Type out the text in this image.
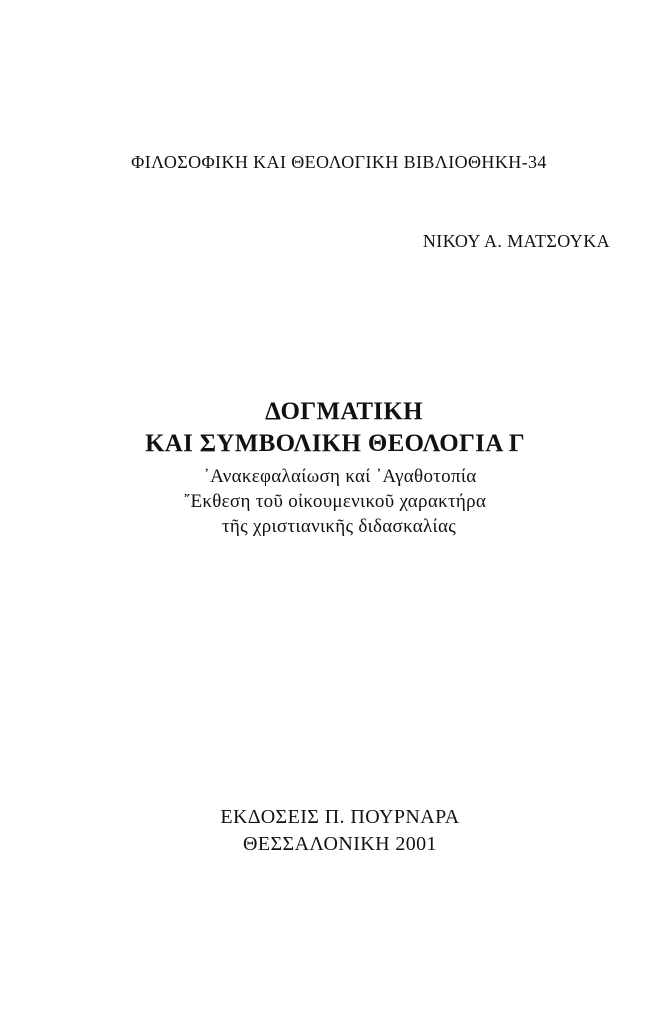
ΦΙΛΟΣΟΦΙΚΗ ΚΑΙ ΘΕΟΛΟΓΙΚΗ ΒΙΒΛΙΟΘΗΚΗ-34
ΝΙΚΟΥ Α. ΜΑΤΣΟΥΚΑ
ΔΟΓΜΑΤΙΚΗ
ΚΑΙ ΣΥΜΒΟΛΙΚΗ ΘΕΟΛΟΓΙΑ Γ
᾿Ανακεφαλαίωση καί ᾿Αγαθοτοπία
῎Εκθεση τοῦ οἰκουμενικοῦ χαρακτήρα
τῆς χριστιανικῆς διδασκαλίας
ΕΚΔΟΣΕΙΣ Π. ΠΟΥΡΝΑΡΑ
ΘΕΣΣΑΛΟΝΙΚΗ 2001
